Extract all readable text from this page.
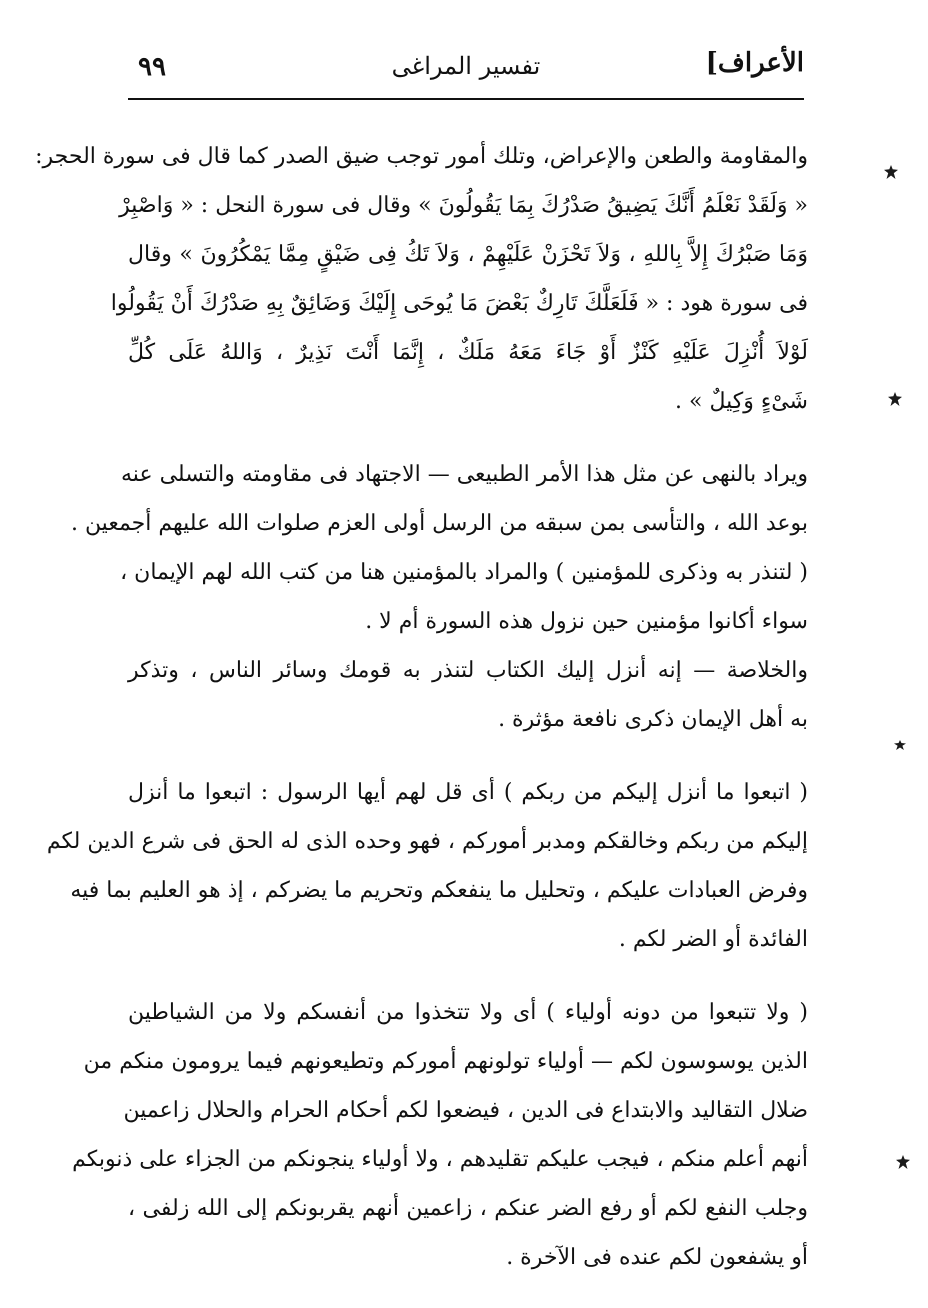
الأعراف]
تفسير المراغى
٩٩
والمقاومة والطعن والإعراض، وتلك أمور توجب ضيق الصدر كما قال فى سورة الحجر:
« وَلَقَدْ نَعْلَمُ أَنَّكَ يَضِيقُ صَدْرُكَ بِمَا يَقُولُونَ » وقال فى سورة النحل : « وَاصْبِرْ
وَمَا صَبْرُكَ إِلاَّ بِاللهِ ، وَلاَ تَحْزَنْ عَلَيْهِمْ ، وَلاَ تَكُ فِى ضَيْقٍ مِمَّا يَمْكُرُونَ » وقال
فى سورة هود : « فَلَعَلَّكَ تَارِكٌ بَعْضَ مَا يُوحَى إِلَيْكَ وَضَائِقٌ بِهِ صَدْرُكَ أَنْ يَقُولُوا
لَوْلاَ أُنْزِلَ عَلَيْهِ كَنْزٌ أَوْ جَاءَ مَعَهُ مَلَكٌ ، إِنَّمَا أَنْتَ نَذِيرٌ ، وَاللهُ عَلَى كُلِّ
شَىْءٍ وَكِيلٌ » .
ويراد بالنهى عن مثل هذا الأمر الطبيعى — الاجتهاد فى مقاومته والتسلى عنه
بوعد الله ، والتأسى بمن سبقه من الرسل أولى العزم صلوات الله عليهم أجمعين .
( لتنذر به وذكرى للمؤمنين ) والمراد بالمؤمنين هنا من كتب الله لهم الإيمان ،
سواء أكانوا مؤمنين حين نزول هذه السورة أم لا .
والخلاصة — إنه أنزل إليك الكتاب لتنذر به قومك وسائر الناس ، وتذكر
به أهل الإيمان ذكرى نافعة مؤثرة .
( اتبعوا ما أنزل إليكم من ربكم ) أى قل لهم أيها الرسول : اتبعوا ما أنزل
إليكم من ربكم وخالقكم ومدبر أموركم ، فهو وحده الذى له الحق فى شرع الدين لكم
وفرض العبادات عليكم ، وتحليل ما ينفعكم وتحريم ما يضركم ، إذ هو العليم بما فيه
الفائدة أو الضر لكم .
( ولا تتبعوا من دونه أولياء ) أى ولا تتخذوا من أنفسكم ولا من الشياطين
الذين يوسوسون لكم — أولياء تولونهم أموركم وتطيعونهم فيما يرومون منكم من
ضلال التقاليد والابتداع فى الدين ، فيضعوا لكم أحكام الحرام والحلال زاعمين
أنهم أعلم منكم ، فيجب عليكم تقليدهم ، ولا أولياء ينجونكم من الجزاء على ذنوبكم
وجلب النفع لكم أو رفع الضر عنكم ، زاعمين أنهم يقربونكم إلى الله زلفى ،
أو يشفعون لكم عنده فى الآخرة .
